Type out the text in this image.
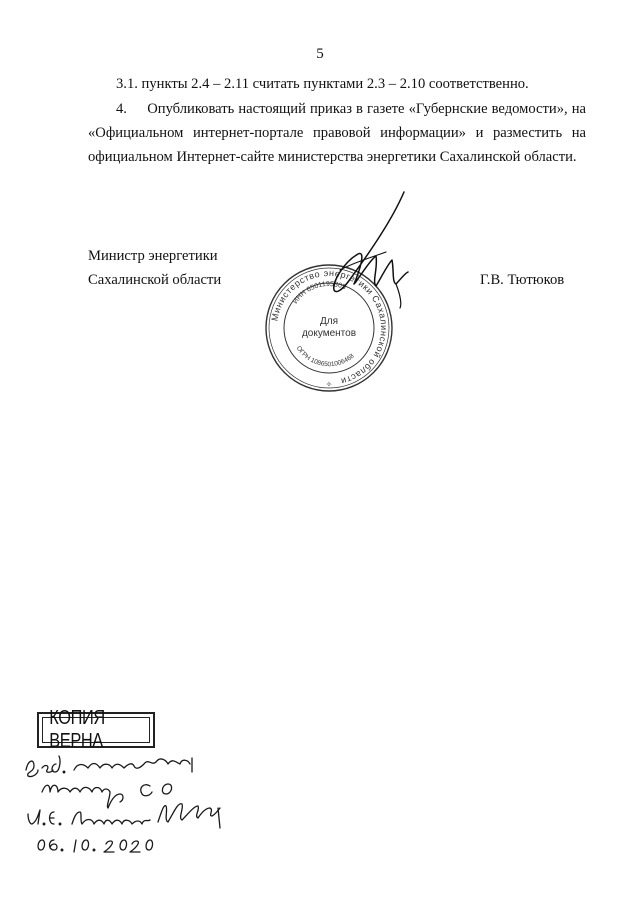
5
3.1. пункты 2.4 – 2.11 считать пунктами 2.3 – 2.10 соответственно.
4.     Опубликовать настоящий приказ в газете «Губернские ведомости», на «Официальном интернет-портале правовой информации» и разместить на официальном Интернет-сайте министерства энергетики Сахалинской области.
Министр энергетики
Сахалинской области	Г.В. Тютюков
Министерство энергетики Сахалинской области
ИНН 6501195305
ОГРН 1086501006468
✧
Для
документов
КОПИЯ ВЕРНА
